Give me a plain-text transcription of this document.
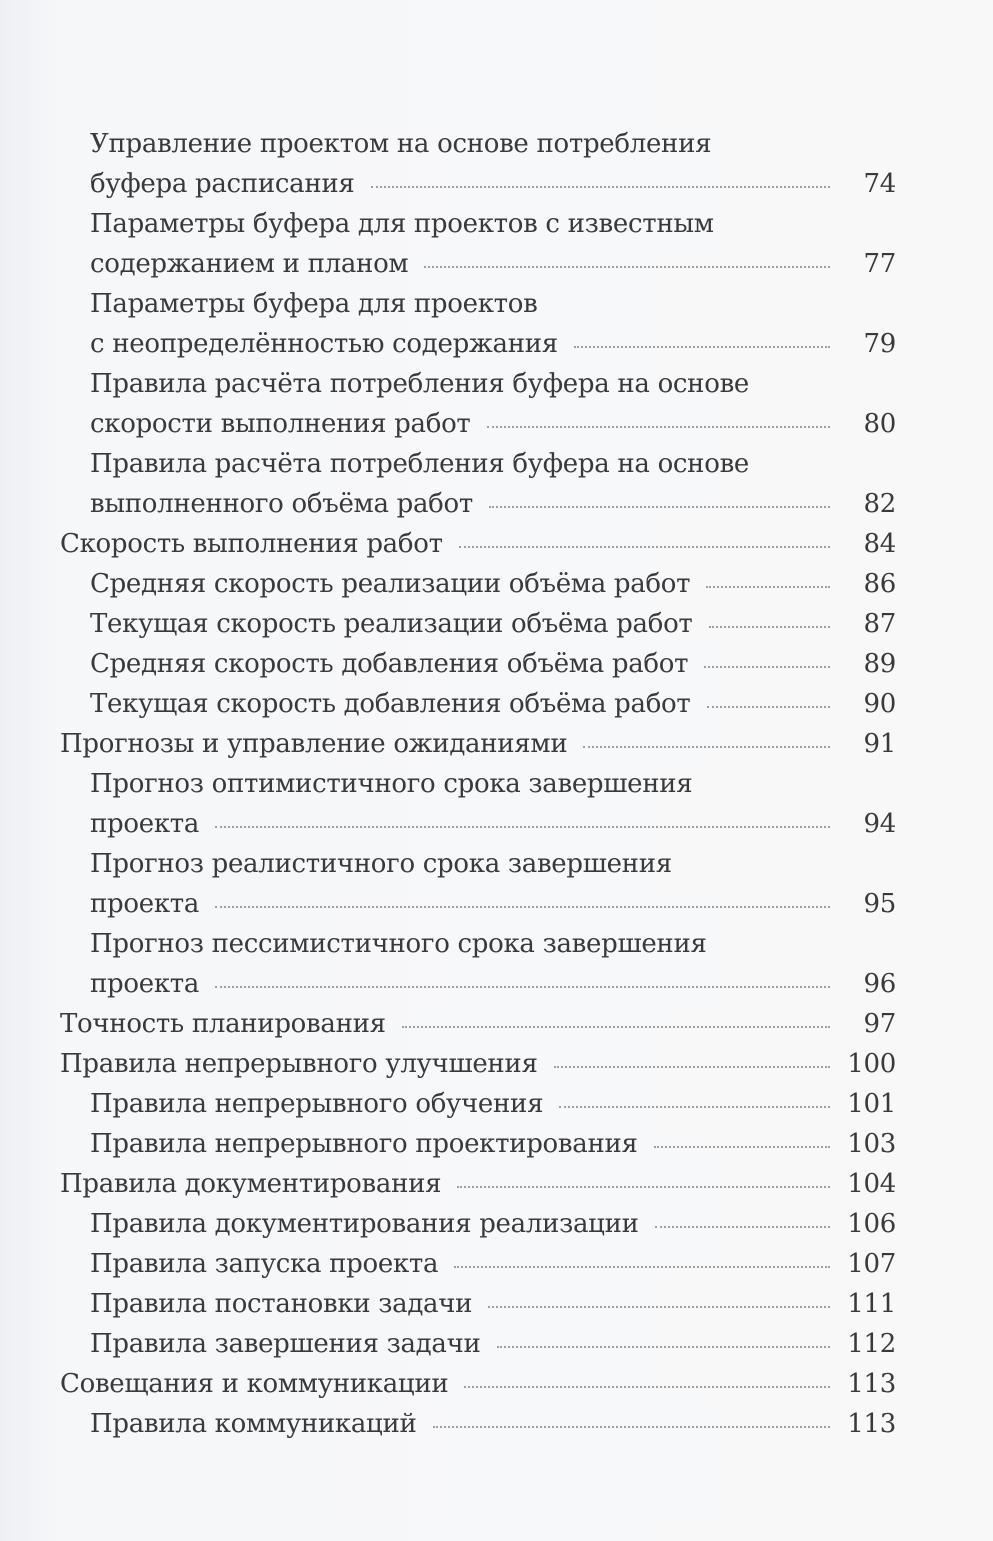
Управление проектом на основе потребления
буфера расписания	74
Параметры буфера для проектов с известным
содержанием и планом	77
Параметры буфера для проектов
с неопределённостью содержания	79
Правила расчёта потребления буфера на основе
скорости выполнения работ	80
Правила расчёта потребления буфера на основе
выполненного объёма работ	82
Скорость выполнения работ	84
Средняя скорость реализации объёма работ	86
Текущая скорость реализации объёма работ	87
Средняя скорость добавления объёма работ	89
Текущая скорость добавления объёма работ	90
Прогнозы и управление ожиданиями	91
Прогноз оптимистичного срока завершения
проекта	94
Прогноз реалистичного срока завершения
проекта	95
Прогноз пессимистичного срока завершения
проекта	96
Точность планирования	97
Правила непрерывного улучшения	100
Правила непрерывного обучения	101
Правила непрерывного проектирования	103
Правила документирования	104
Правила документирования реализации	106
Правила запуска проекта	107
Правила постановки задачи	111
Правила завершения задачи	112
Совещания и коммуникации	113
Правила коммуникаций	113
